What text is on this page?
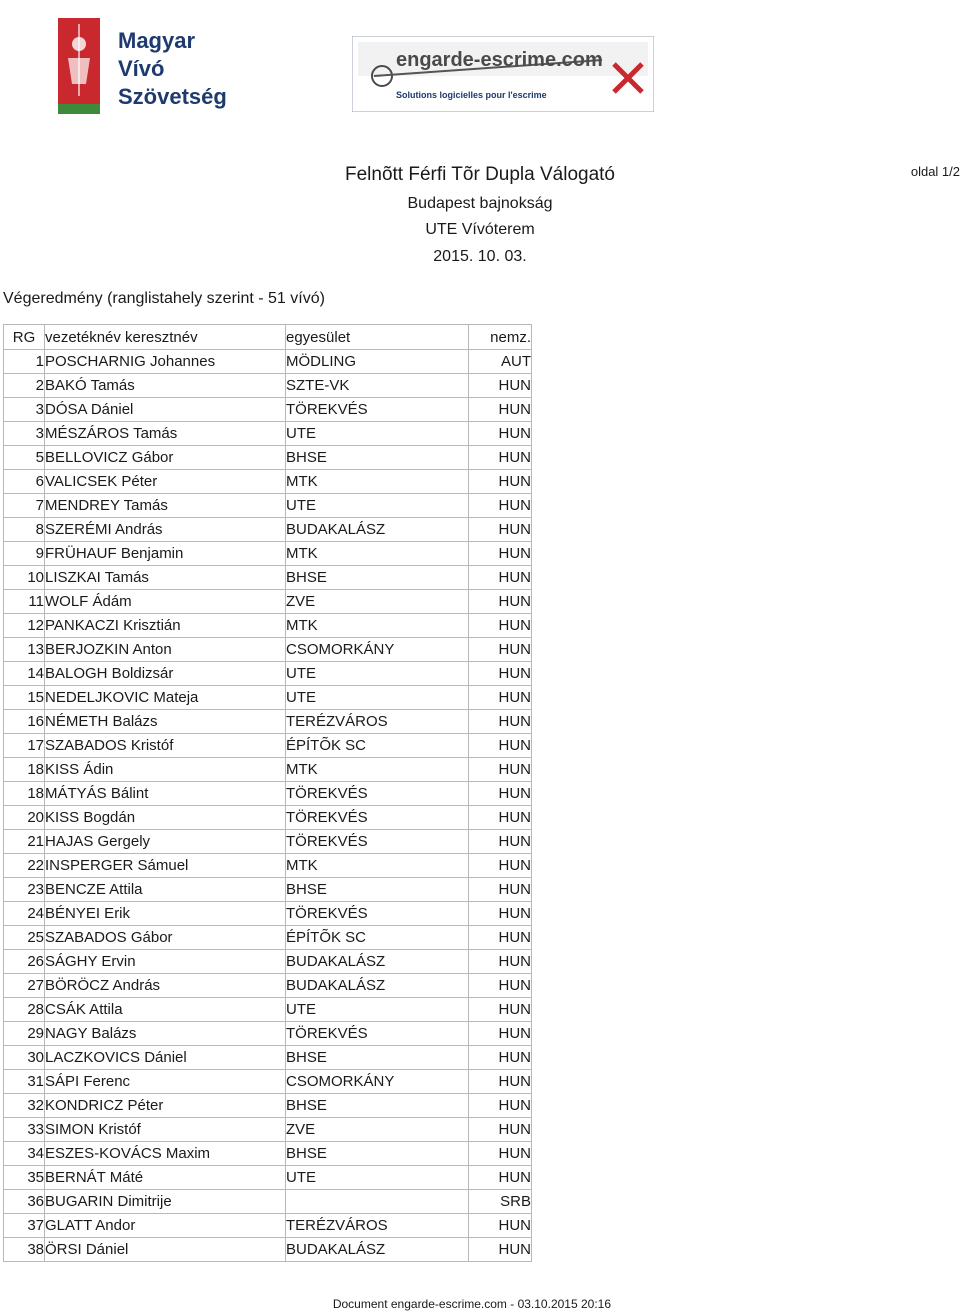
Magyar
Vívó
Szövetség
engarde-escrime.com
Solutions logicielles pour l'escrime
oldal 1/2
Felnõtt Férfi Tõr Dupla Válogató
Budapest bajnokság
UTE Vívóterem
2015. 10. 03.
Végeredmény (ranglistahely szerint - 51 vívó)
RG	vezetéknév keresztnév	egyesület	nemz.
1	POSCHARNIG Johannes	MÖDLING	AUT
2	BAKÓ Tamás	SZTE-VK	HUN
3	DÓSA Dániel	TÖREKVÉS	HUN
3	MÉSZÁROS Tamás	UTE	HUN
5	BELLOVICZ Gábor	BHSE	HUN
6	VALICSEK Péter	MTK	HUN
7	MENDREY Tamás	UTE	HUN
8	SZERÉMI András	BUDAKALÁSZ	HUN
9	FRÜHAUF Benjamin	MTK	HUN
10	LISZKAI Tamás	BHSE	HUN
11	WOLF Ádám	ZVE	HUN
12	PANKACZI Krisztián	MTK	HUN
13	BERJOZKIN Anton	CSOMORKÁNY	HUN
14	BALOGH Boldizsár	UTE	HUN
15	NEDELJKOVIC Mateja	UTE	HUN
16	NÉMETH Balázs	TERÉZVÁROS	HUN
17	SZABADOS Kristóf	ÉPÍTÕK SC	HUN
18	KISS Ádin	MTK	HUN
18	MÁTYÁS Bálint	TÖREKVÉS	HUN
20	KISS Bogdán	TÖREKVÉS	HUN
21	HAJAS Gergely	TÖREKVÉS	HUN
22	INSPERGER Sámuel	MTK	HUN
23	BENCZE Attila	BHSE	HUN
24	BÉNYEI Erik	TÖREKVÉS	HUN
25	SZABADOS Gábor	ÉPÍTÕK SC	HUN
26	SÁGHY Ervin	BUDAKALÁSZ	HUN
27	BÖRÖCZ András	BUDAKALÁSZ	HUN
28	CSÁK Attila	UTE	HUN
29	NAGY Balázs	TÖREKVÉS	HUN
30	LACZKOVICS Dániel	BHSE	HUN
31	SÁPI Ferenc	CSOMORKÁNY	HUN
32	KONDRICZ Péter	BHSE	HUN
33	SIMON Kristóf	ZVE	HUN
34	ESZES-KOVÁCS Maxim	BHSE	HUN
35	BERNÁT Máté	UTE	HUN
36	BUGARIN Dimitrije		SRB
37	GLATT Andor	TERÉZVÁROS	HUN
38	ÖRSI Dániel	BUDAKALÁSZ	HUN
Document engarde-escrime.com - 03.10.2015 20:16
